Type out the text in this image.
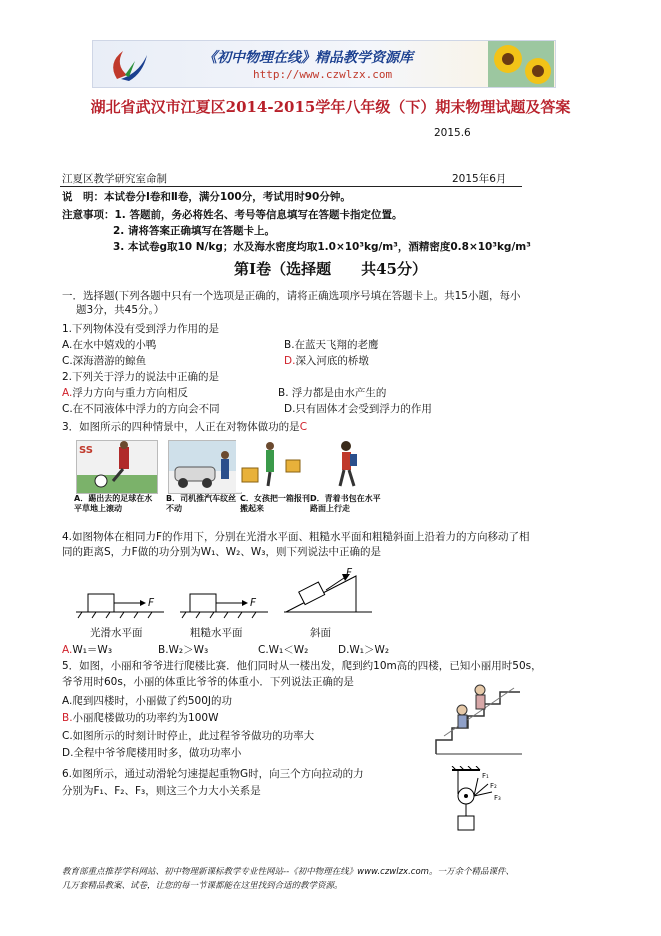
《初中物理在线》精品教学资源库
http://www.czwlzx.com
湖北省武汉市江夏区2014-2015学年八年级（下）期末物理试题及答案
2015.6
江夏区教学研究室命制	2015年6月
说　明：本试卷分Ⅰ卷和Ⅱ卷，满分100分，考试用时90分钟。
注意事项：1. 答题前，务必将姓名、考号等信息填写在答题卡指定位置。
2. 请将答案正确填写在答题卡上。
3. 本试卷g取10 N/kg；水及海水密度均取1.0×10³kg/m³，酒精密度0.8×10³kg/m³
第Ⅰ卷（选择题　　共45分）
一．选择题(下列各题中只有一个选项是正确的，请将正确选项序号填在答题卡上。共15小题，每小
题3分，共45分。）
1.下列物体没有受到浮力作用的是
A.在水中嬉戏的小鸭	B.在蓝天飞翔的老鹰
C.深海潜游的鲸鱼	D.深入河底的桥墩
2.下列关于浮力的说法中正确的是
A.浮力方向与重力方向相反	B. 浮力都是由水产生的
C.在不同液体中浮力的方向会不同	D.只有固体才会受到浮力的作用
3．如图所示的四种情景中，人正在对物体做功的是C
SS
A．踢出去的足球在水平草地上滚动
B．司机推汽车纹丝不动
C．女孩把一箱报刊搬起来
D．青着书包在水平路面上行走
4.如图物体在相同力F的作用下，分别在光滑水平面、粗糙水平面和粗糙斜面上沿着力的方向移动了相
同的距离S，力F做的功分别为W₁、W₂、W₃，则下列说法中正确的是
F	F
F
光滑水平面	粗糙水平面	斜面
A.W₁＝W₃	B.W₂＞W₃	C.W₁＜W₂	D.W₁＞W₂
5．如图，小丽和爷爷进行爬楼比赛．他们同时从一楼出发，爬到约10m高的四楼，已知小丽用时50s，
爷爷用时60s，小丽的体重比爷爷的体重小．下列说法正确的是
A.爬到四楼时，小丽做了约500J的功
B.小丽爬楼做功的功率约为100W
C.如图所示的时刻计时停止，此过程爷爷做功的功率大
D.全程中爷爷爬楼用时多，做功功率小
6.如图所示，通过动滑轮匀速提起重物G时，向三个方向拉动的力
分别为F₁、F₂、F₃，则这三个力大小关系是
F₁
F₂
F₃
教育部重点推荐学科网站、初中物理新课标教学专业性网站--《初中物理在线》www.czwlzx.com。一万余个精品课件、
几万套精品教案、试卷，让您的每一节课都能在这里找到合适的教学资源。
